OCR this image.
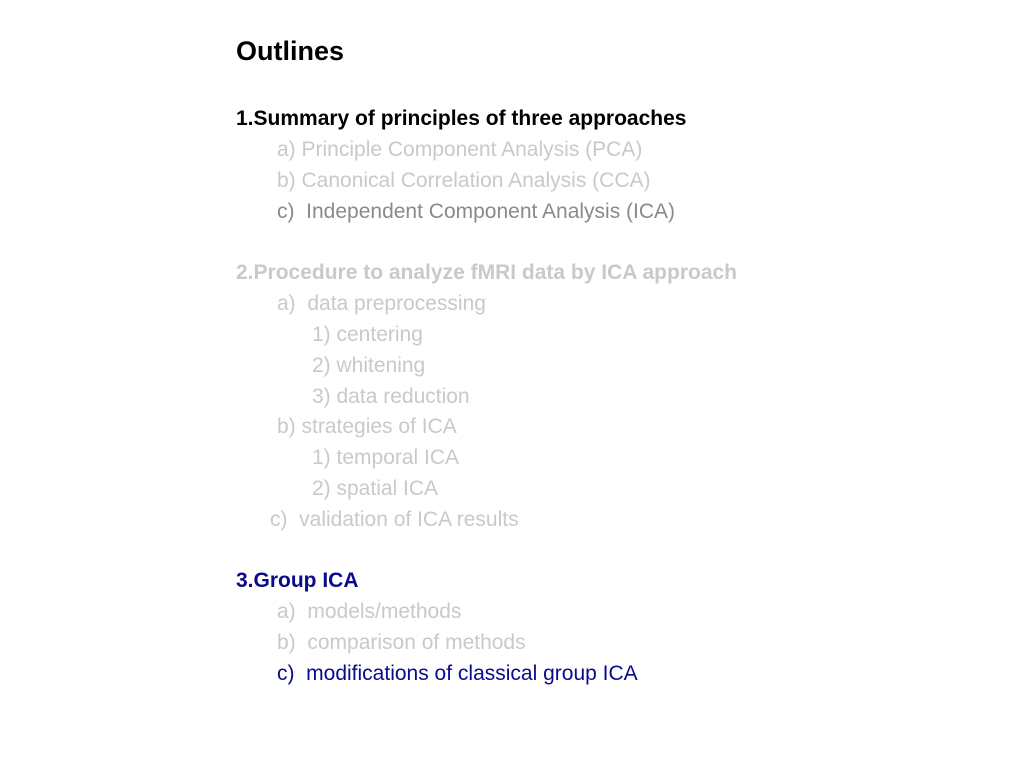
Outlines
1.Summary of principles of three approaches
a) Principle Component Analysis (PCA)
b) Canonical Correlation Analysis (CCA)
c)  Independent Component Analysis (ICA)
2.Procedure to analyze fMRI data by ICA approach
a)  data preprocessing
1) centering
2) whitening
3) data reduction
b) strategies of ICA
1) temporal ICA
2) spatial ICA
c)  validation of ICA results
3.Group ICA
a)  models/methods
b)  comparison of methods
c)  modifications of classical group ICA
